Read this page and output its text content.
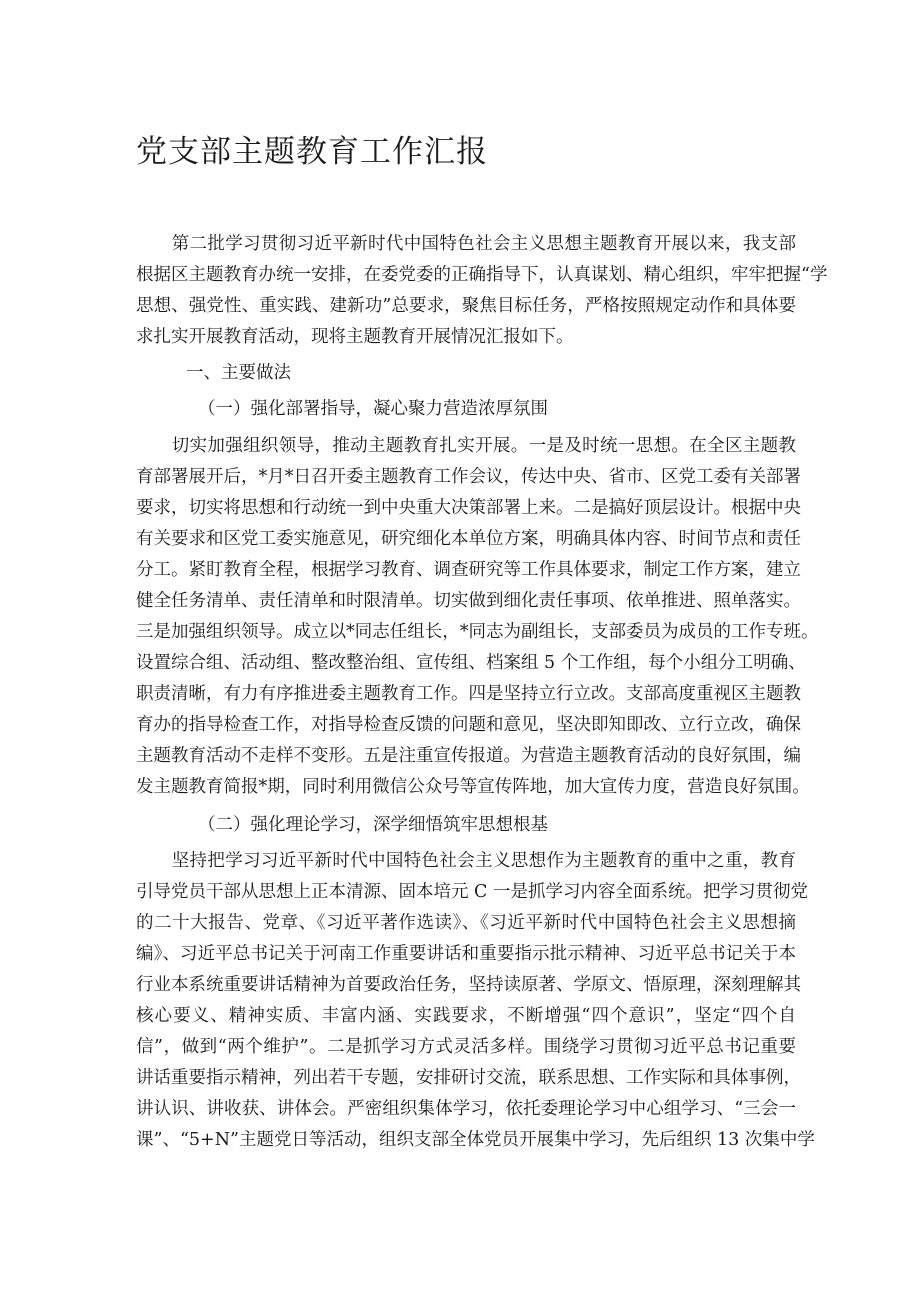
党支部主题教育工作汇报
　　第二批学习贯彻习近平新时代中国特色社会主义思想主题教育开展以来，我支部
根据区主题教育办统一安排，在委党委的正确指导下，认真谋划、精心组织，牢牢把握“学
思想、强党性、重实践、建新功”总要求，聚焦目标任务，严格按照规定动作和具体要
求扎实开展教育活动，现将主题教育开展情况汇报如下。
一、主要做法
（一）强化部署指导，凝心聚力营造浓厚氛围
　　切实加强组织领导，推动主题教育扎实开展。一是及时统一思想。在全区主题教
育部署展开后，*月*日召开委主题教育工作会议，传达中央、省市、区党工委有关部署
要求，切实将思想和行动统一到中央重大决策部署上来。二是搞好顶层设计。根据中央
有关要求和区党工委实施意见，研究细化本单位方案，明确具体内容、时间节点和责任
分工。紧盯教育全程，根据学习教育、调查研究等工作具体要求，制定工作方案，建立
健全任务清单、责任清单和时限清单。切实做到细化责任事项、依单推进、照单落实。
三是加强组织领导。成立以*同志任组长，*同志为副组长，支部委员为成员的工作专班。
设置综合组、活动组、整改整治组、宣传组、档案组 5 个工作组，每个小组分工明确、
职责清晰，有力有序推进委主题教育工作。四是坚持立行立改。支部高度重视区主题教
育办的指导检查工作，对指导检查反馈的问题和意见，坚决即知即改、立行立改，确保
主题教育活动不走样不变形。五是注重宣传报道。为营造主题教育活动的良好氛围，编
发主题教育简报*期，同时利用微信公众号等宣传阵地，加大宣传力度，营造良好氛围。
（二）强化理论学习，深学细悟筑牢思想根基
　　坚持把学习习近平新时代中国特色社会主义思想作为主题教育的重中之重，教育
引导党员干部从思想上正本清源、固本培元 C 一是抓学习内容全面系统。把学习贯彻党
的二十大报告、党章、《习近平著作选读》、《习近平新时代中国特色社会主义思想摘
编》、习近平总书记关于河南工作重要讲话和重要指示批示精神、习近平总书记关于本
行业本系统重要讲话精神为首要政治任务，坚持读原著、学原文、悟原理，深刻理解其
核心要义、精神实质、丰富内涵、实践要求，不断增强“四个意识”，坚定“四个自
信”，做到“两个维护”。二是抓学习方式灵活多样。围绕学习贯彻习近平总书记重要
讲话重要指示精神，列出若干专题，安排研讨交流，联系思想、工作实际和具体事例，
讲认识、讲收获、讲体会。严密组织集体学习，依托委理论学习中心组学习、“三会一
课”、“5+N”主题党日等活动，组织支部全体党员开展集中学习，先后组织 13 次集中学
